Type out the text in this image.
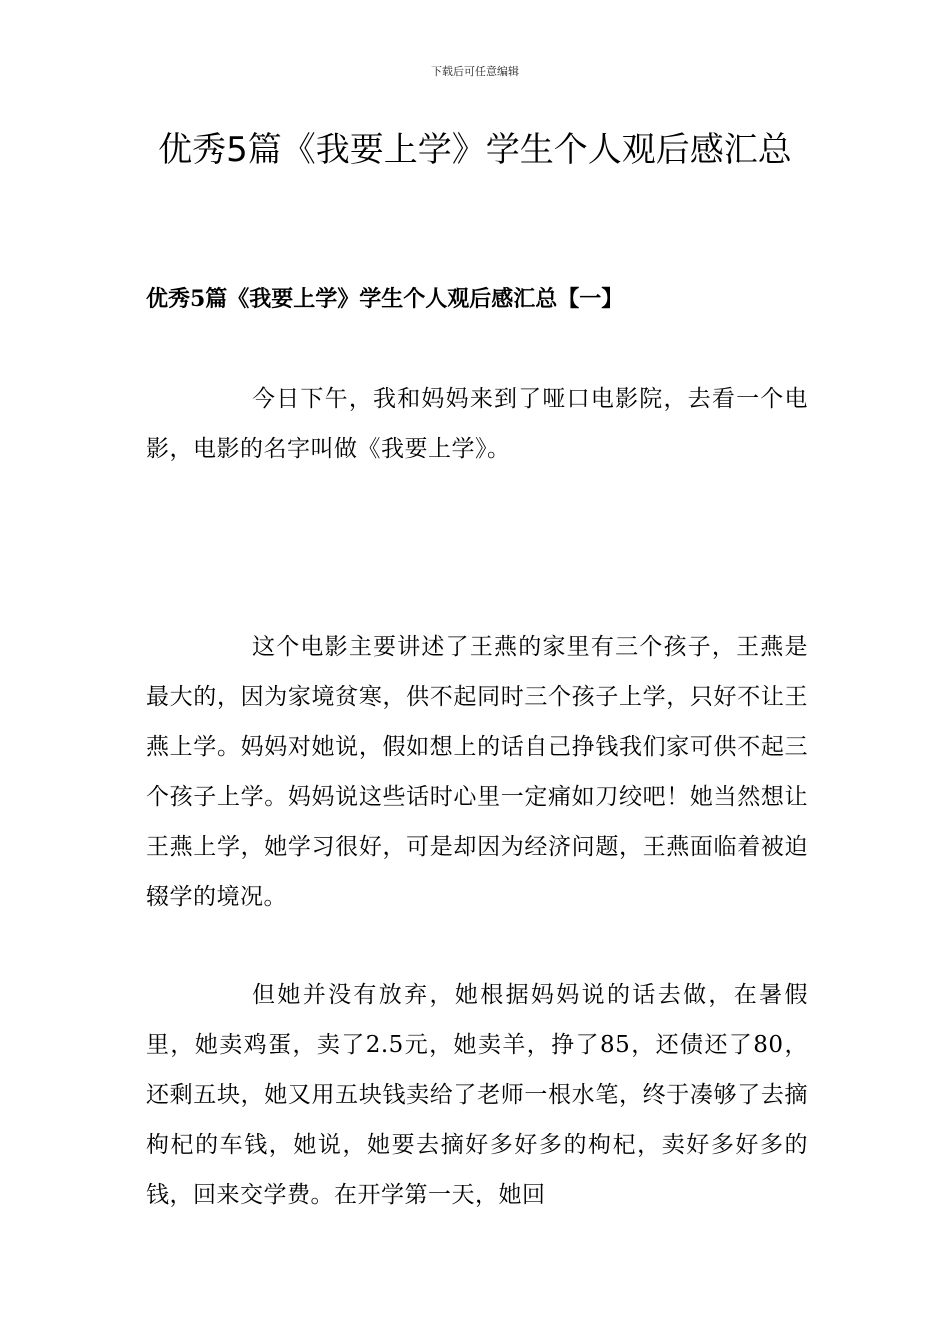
下载后可任意编辑
优秀5篇《我要上学》学生个人观后感汇总
优秀5篇《我要上学》学生个人观后感汇总【一】

今日下午，我和妈妈来到了哑口电影院，去看一个电影，电影的名字叫做《我要上学》。

这个电影主要讲述了王燕的家里有三个孩子，王燕是最大的，因为家境贫寒，供不起同时三个孩子上学，只好不让王燕上学。妈妈对她说，假如想上的话自己挣钱我们家可供不起三个孩子上学。妈妈说这些话时心里一定痛如刀绞吧！她当然想让王燕上学，她学习很好，可是却因为经济问题，王燕面临着被迫辍学的境况。

但她并没有放弃，她根据妈妈说的话去做，在暑假里，她卖鸡蛋，卖了2.5元，她卖羊，挣了85，还债还了80，还剩五块，她又用五块钱卖给了老师一根水笔，终于凑够了去摘枸杞的车钱，她说，她要去摘好多好多的枸杞，卖好多好多的钱，回来交学费。在开学第一天，她回
